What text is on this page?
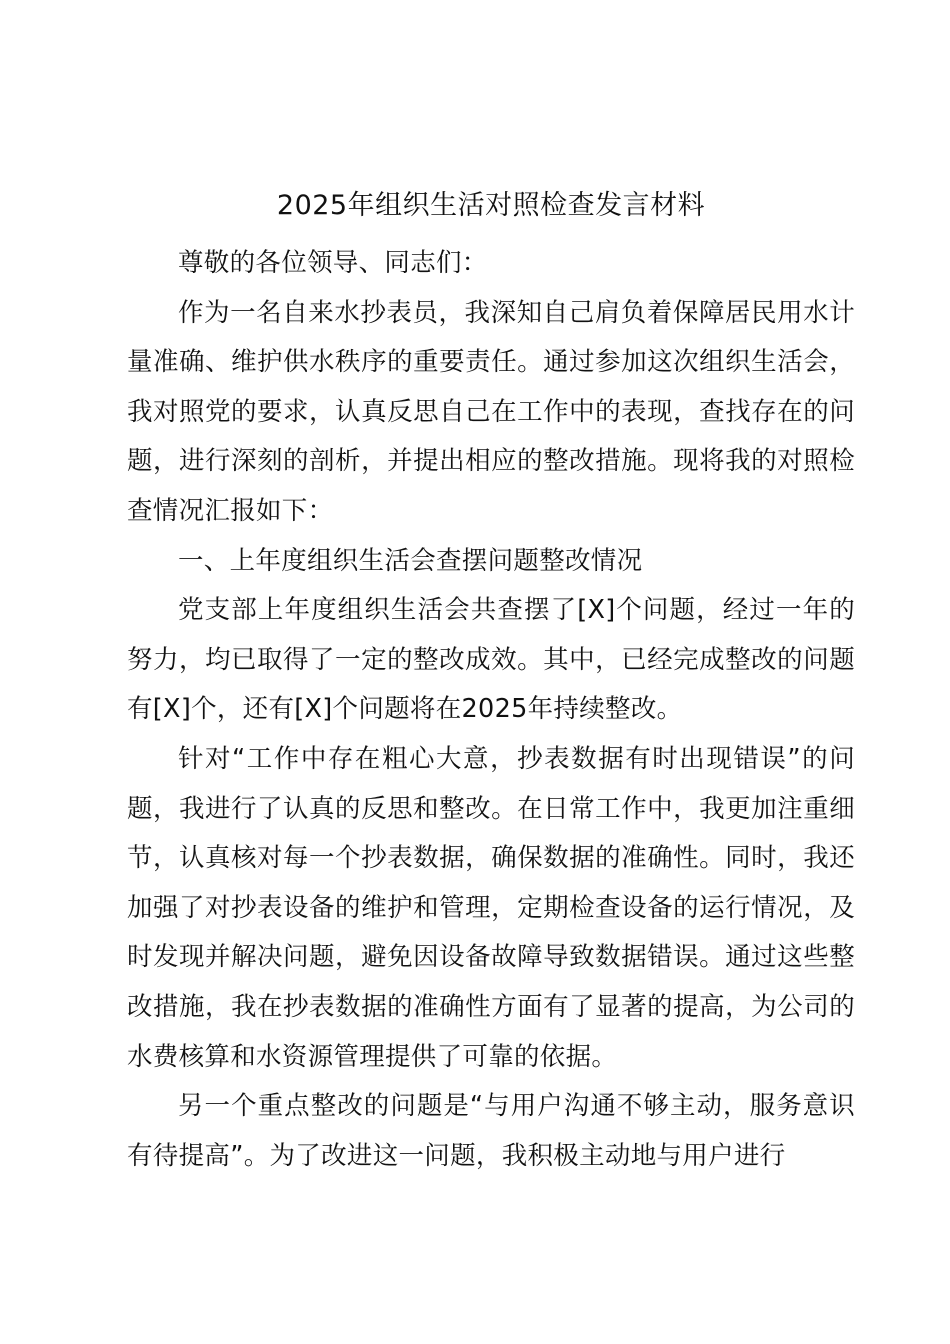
2025年组织生活对照检查发言材料

尊敬的各位领导、同志们：

作为一名自来水抄表员，我深知自己肩负着保障居民用水计量准确、维护供水秩序的重要责任。通过参加这次组织生活会，我对照党的要求，认真反思自己在工作中的表现，查找存在的问题，进行深刻的剖析，并提出相应的整改措施。现将我的对照检查情况汇报如下：

一、上年度组织生活会查摆问题整改情况

党支部上年度组织生活会共查摆了[X]个问题，经过一年的努力，均已取得了一定的整改成效。其中，已经完成整改的问题有[X]个，还有[X]个问题将在2025年持续整改。

针对“工作中存在粗心大意，抄表数据有时出现错误”的问题，我进行了认真的反思和整改。在日常工作中，我更加注重细节，认真核对每一个抄表数据，确保数据的准确性。同时，我还加强了对抄表设备的维护和管理，定期检查设备的运行情况，及时发现并解决问题，避免因设备故障导致数据错误。通过这些整改措施，我在抄表数据的准确性方面有了显著的提高，为公司的水费核算和水资源管理提供了可靠的依据。

另一个重点整改的问题是“与用户沟通不够主动，服务意识有待提高”。为了改进这一问题，我积极主动地与用户进行
